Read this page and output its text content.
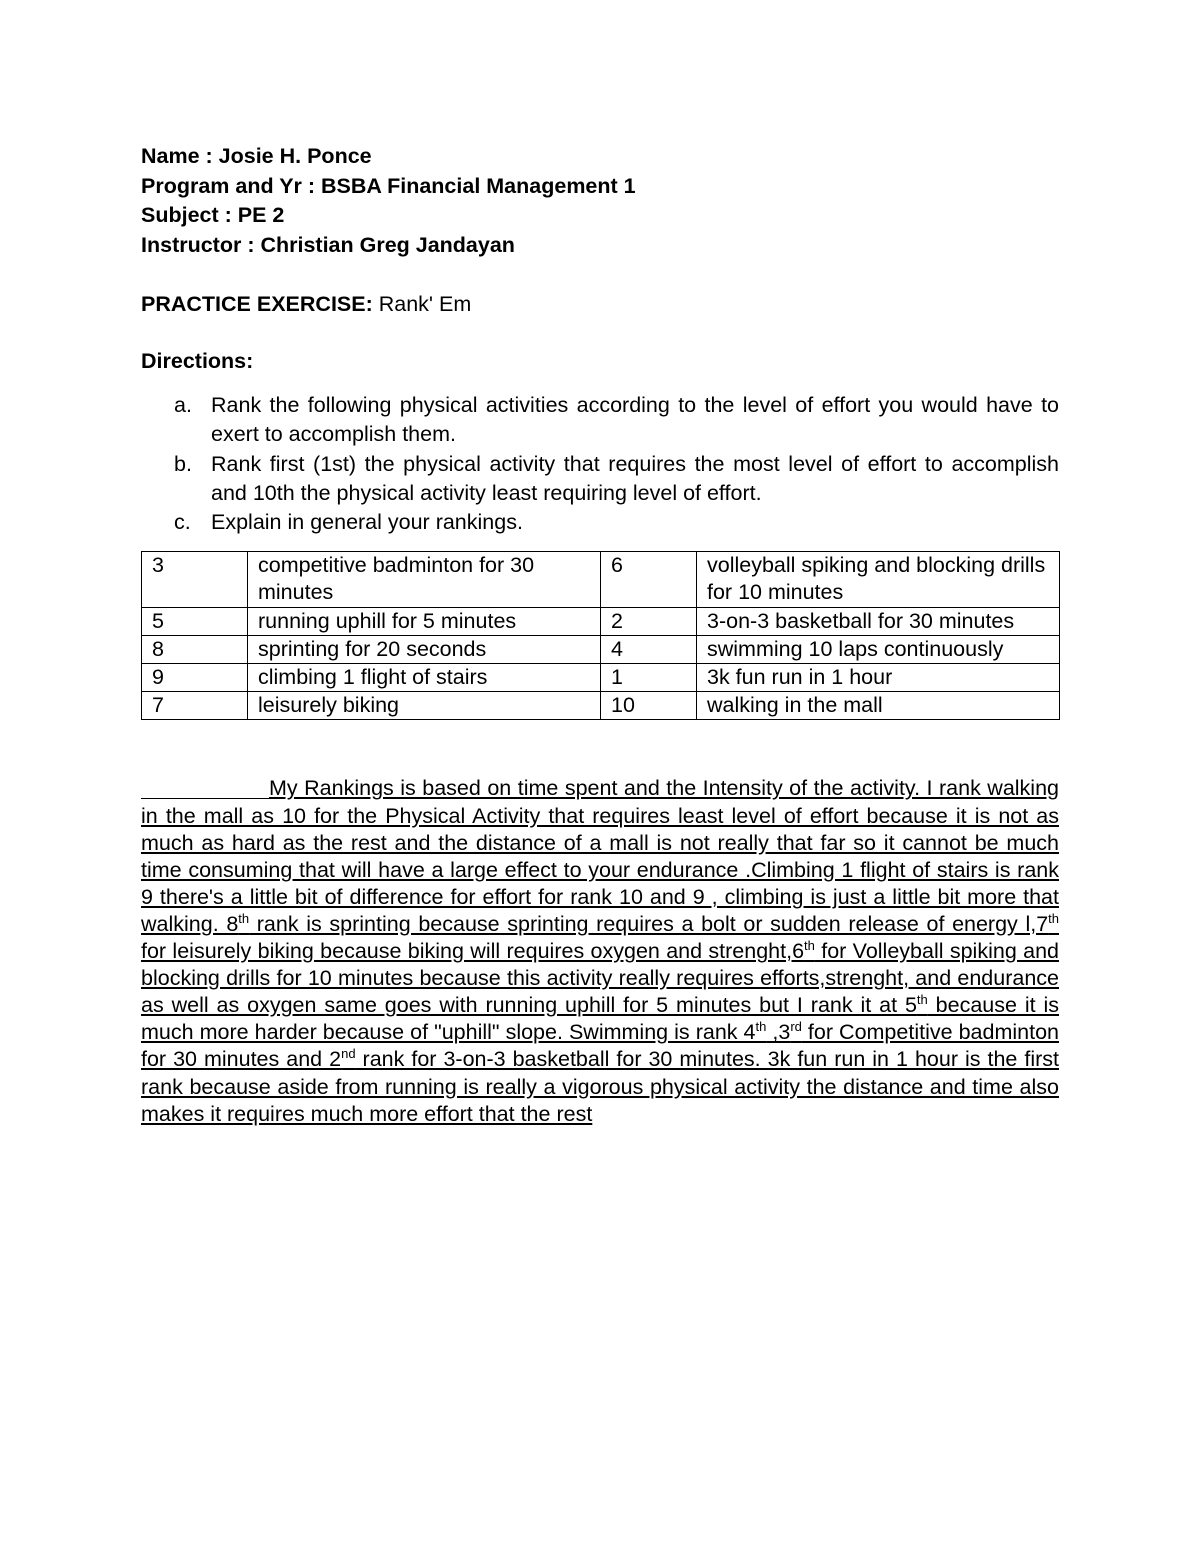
Name : Josie H. Ponce

Program and Yr : BSBA Financial Management 1

Subject : PE 2

Instructor : Christian Greg Jandayan

PRACTICE EXERCISE: Rank' Em
Directions:
a. Rank the following physical activities according to the level of effort you would have to exert to accomplish them.
b. Rank first (1st) the physical activity that requires the most level of effort to accomplish and 10th the physical activity least requiring level of effort.
c. Explain in general your rankings.
3	competitive badminton for 30 minutes	6	volleyball spiking and blocking drills for 10 minutes
5	running uphill for 5 minutes	2	3-on-3 basketball for 30 minutes
8	sprinting for 20 seconds	4	swimming 10 laps continuously
9	climbing 1 flight of stairs	1	3k fun run in 1 hour
7	leisurely biking	10	walking in the mall
My Rankings is based on time spent and the Intensity of the activity. I rank walking in the mall as 10 for the Physical Activity that requires least level of effort because it is not as much as hard as the rest and the distance of a mall is not really that far so it cannot be much time consuming that will have a large effect to your endurance .Climbing 1 flight of stairs is rank 9 there's a little bit of difference for effort for rank 10 and 9 , climbing is just a little bit more that walking. 8th rank is sprinting because sprinting requires a bolt or sudden release of energy l,7th for leisurely biking because biking will requires oxygen and strenght,6th for Volleyball spiking and blocking drills for 10 minutes because this activity really requires efforts,strenght, and endurance as well as oxygen same goes with running uphill for 5 minutes but I rank it at 5th because it is much more harder because of "uphill" slope. Swimming is rank 4th ,3rd for Competitive badminton for 30 minutes and 2nd rank for 3-on-3 basketball for 30 minutes. 3k fun run in 1 hour is the first rank because aside from running is really a vigorous physical activity the distance and time also makes it requires much more effort that the rest
